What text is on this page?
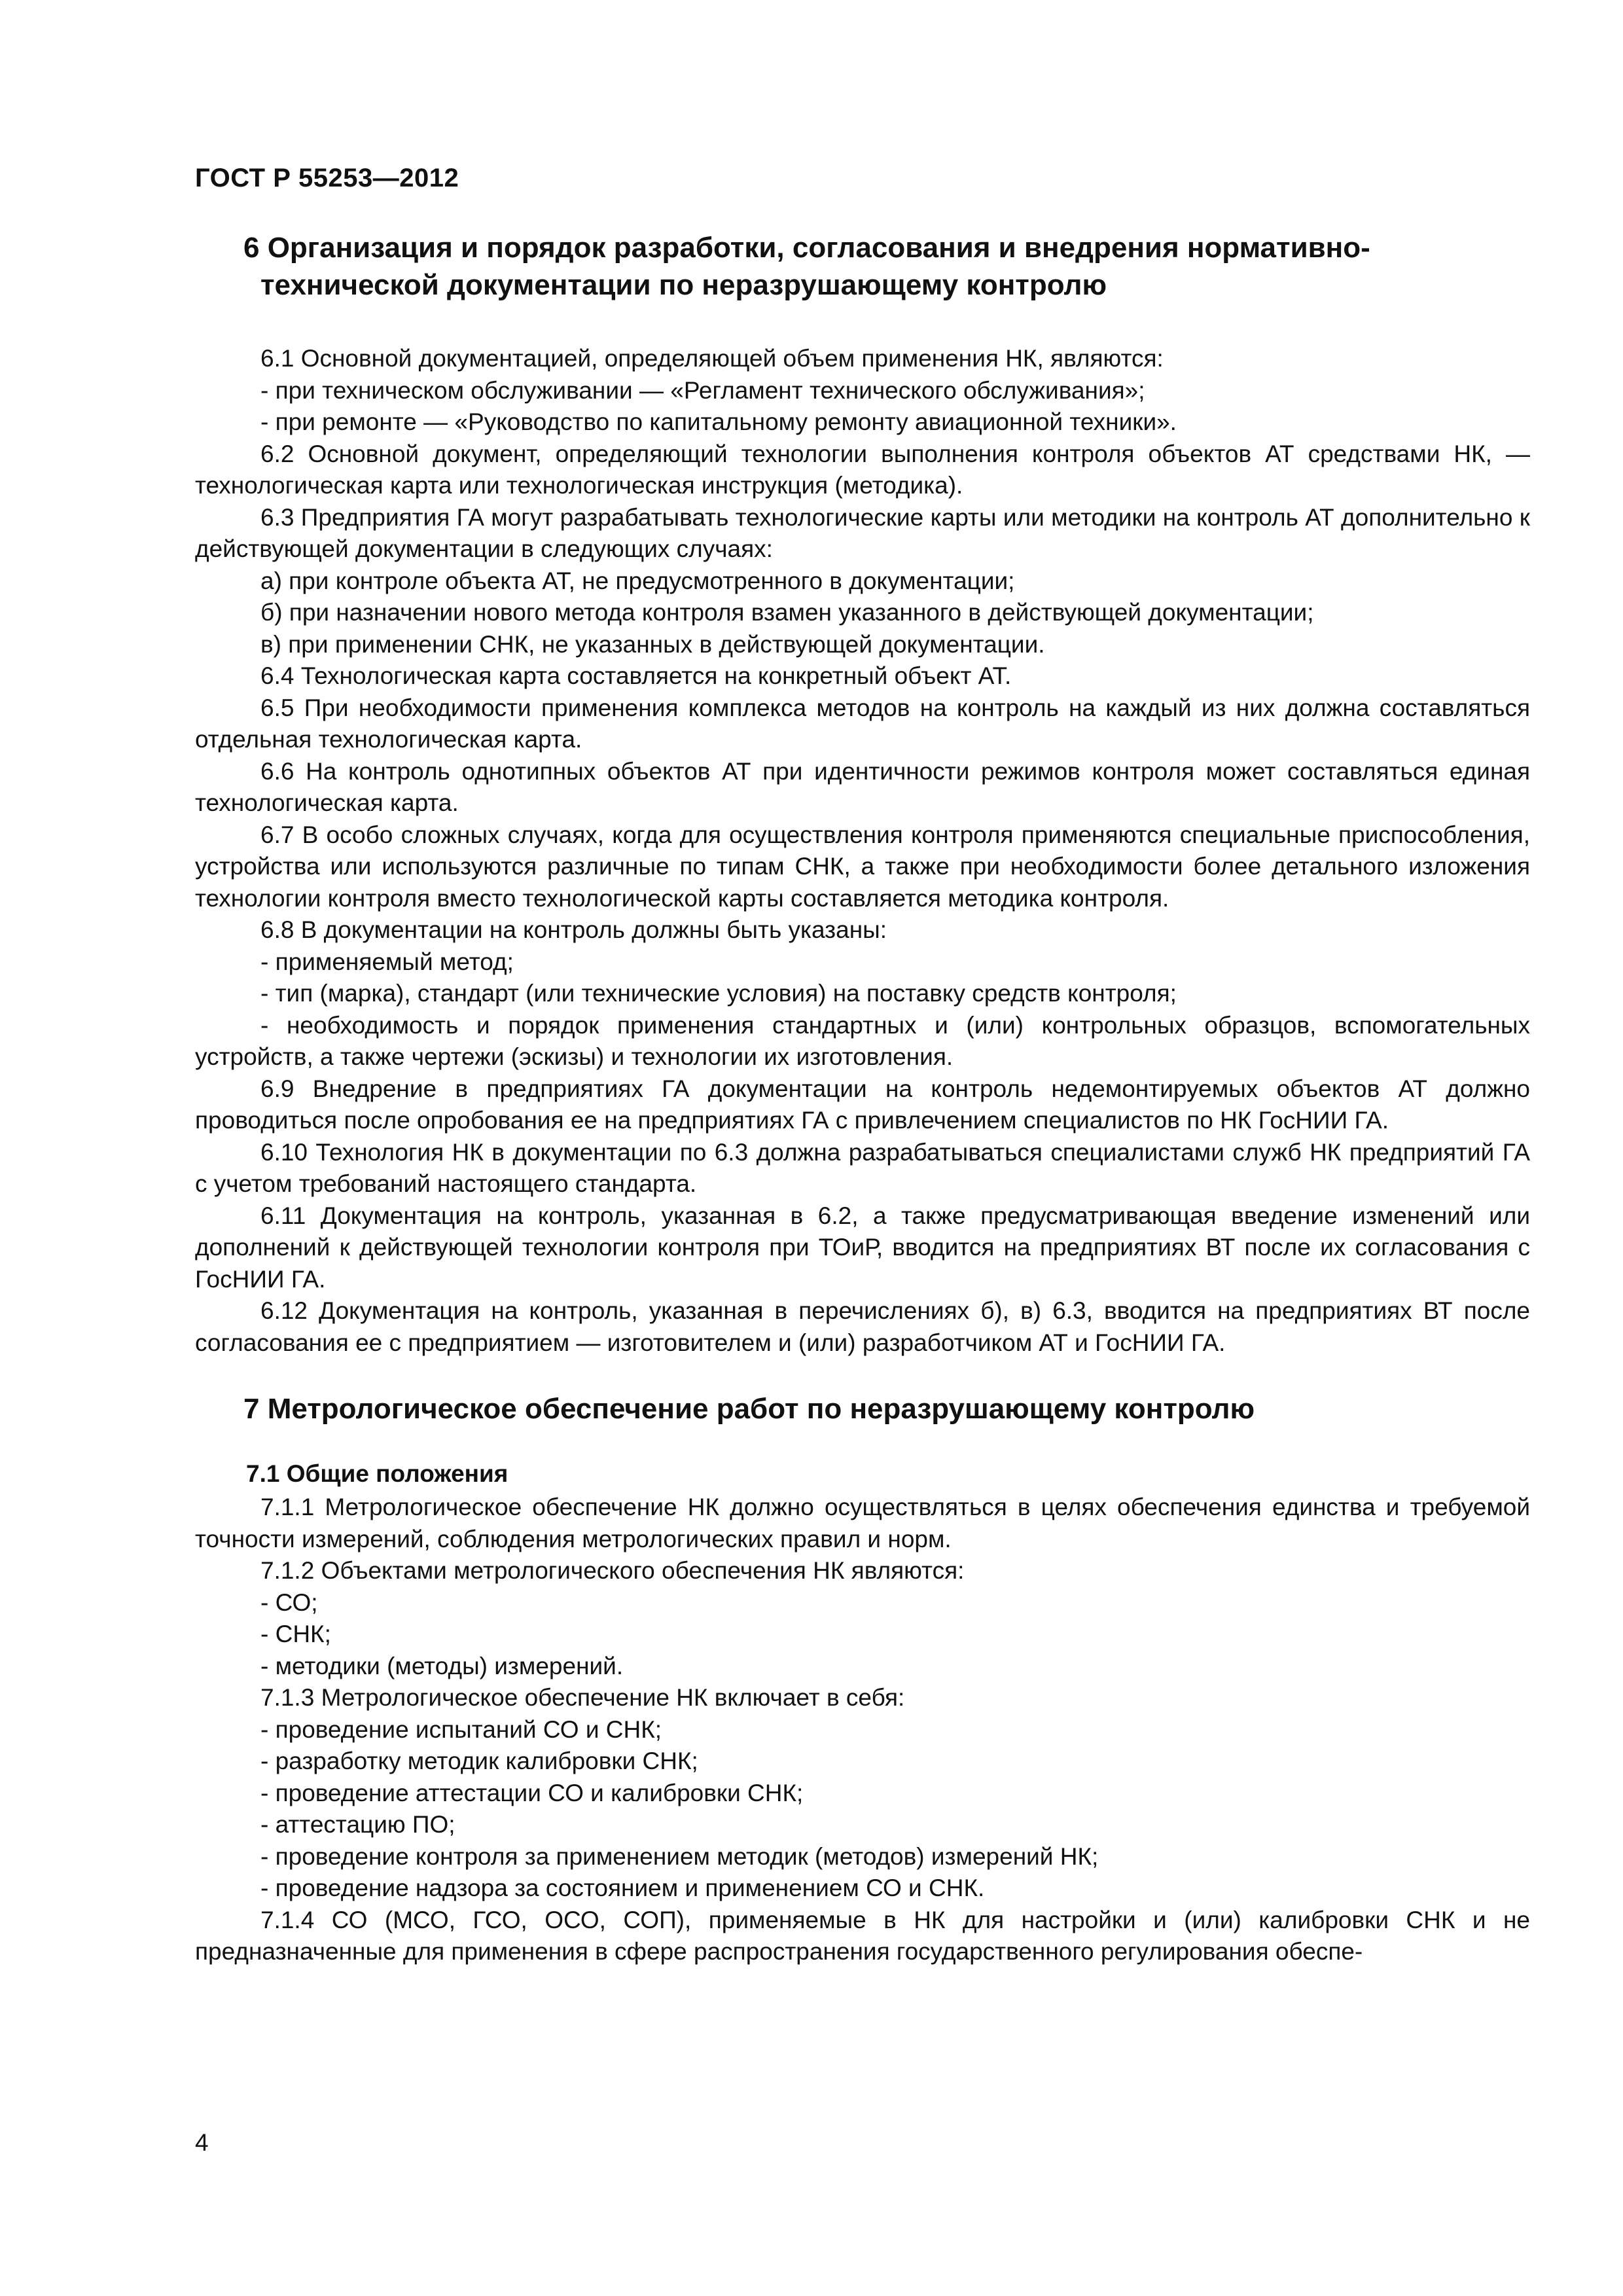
ГОСТ Р 55253—2012

6 Организация и порядок разработки, согласования и внедрения нормативно-технической документации по неразрушающему контролю

6.1 Основной документацией, определяющей объем применения НК, являются:

- при техническом обслуживании — «Регламент технического обслуживания»;

- при ремонте — «Руководство по капитальному ремонту авиационной техники».

6.2 Основной документ, определяющий технологии выполнения контроля объектов АТ средствами НК, — технологическая карта или технологическая инструкция (методика).

6.3 Предприятия ГА могут разрабатывать технологические карты или методики на контроль АТ дополнительно к действующей документации в следующих случаях:

а) при контроле объекта АТ, не предусмотренного в документации;

б) при назначении нового метода контроля взамен указанного в действующей документации;

в) при применении СНК, не указанных в действующей документации.

6.4 Технологическая карта составляется на конкретный объект АТ.

6.5 При необходимости применения комплекса методов на контроль на каждый из них должна составляться отдельная технологическая карта.

6.6 На контроль однотипных объектов АТ при идентичности режимов контроля может составляться единая технологическая карта.

6.7 В особо сложных случаях, когда для осуществления контроля применяются специальные приспособления, устройства или используются различные по типам СНК, а также при необходимости более детального изложения технологии контроля вместо технологической карты составляется методика контроля.

6.8 В документации на контроль должны быть указаны:

- применяемый метод;

- тип (марка), стандарт (или технические условия) на поставку средств контроля;

- необходимость и порядок применения стандартных и (или) контрольных образцов, вспомогательных устройств, а также чертежи (эскизы) и технологии их изготовления.

6.9 Внедрение в предприятиях ГА документации на контроль недемонтируемых объектов АТ должно проводиться после опробования ее на предприятиях ГА с привлечением специалистов по НК ГосНИИ ГА.

6.10 Технология НК в документации по 6.3 должна разрабатываться специалистами служб НК предприятий ГА с учетом требований настоящего стандарта.

6.11 Документация на контроль, указанная в 6.2, а также предусматривающая введение изменений или дополнений к действующей технологии контроля при ТОиР, вводится на предприятиях ВТ после их согласования с ГосНИИ ГА.

6.12 Документация на контроль, указанная в перечислениях б), в) 6.3, вводится на предприятиях ВТ после согласования ее с предприятием — изготовителем и (или) разработчиком АТ и ГосНИИ ГА.

7 Метрологическое обеспечение работ по неразрушающему контролю
7.1 Общие положения

7.1.1 Метрологическое обеспечение НК должно осуществляться в целях обеспечения единства и требуемой точности измерений, соблюдения метрологических правил и норм.

7.1.2 Объектами метрологического обеспечения НК являются:

- СО;

- СНК;

- методики (методы) измерений.

7.1.3 Метрологическое обеспечение НК включает в себя:

- проведение испытаний СО и СНК;

- разработку методик калибровки СНК;

- проведение аттестации СО и калибровки СНК;

- аттестацию ПО;

- проведение контроля за применением методик (методов) измерений НК;

- проведение надзора за состоянием и применением СО и СНК.

7.1.4 СО (МСО, ГСО, ОСО, СОП), применяемые в НК для настройки и (или) калибровки СНК и не предназначенные для применения в сфере распространения государственного регулирования обеспе-

4
